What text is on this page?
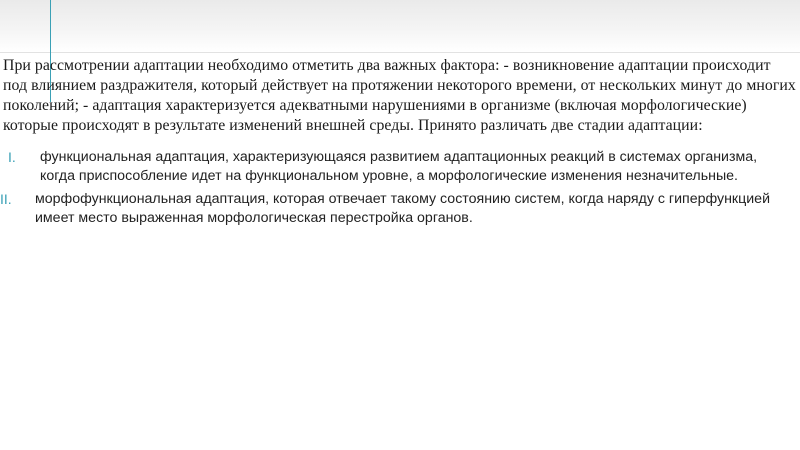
При рассмотрении адаптации необходимо отметить два важных фактора: - возникновение адаптации происходит под влиянием раздражителя, который действует на протяжении некоторого времени, от нескольких минут до многих поколений; - адаптация характеризуется адекватными нарушениями в организме (включая морфологические) которые происходят в результате изменений внешней среды. Принято различать две стадии адаптации:

I. функциональная адаптация, характеризующаяся развитием адаптационных реакций в системах организма, когда приспособление идет на функциональном уровне, а морфологические изменения незначительные.
II. морфофункциональная адаптация, которая отвечает такому состоянию систем, когда наряду с гиперфункцией имеет место выраженная морфологическая перестройка органов.
